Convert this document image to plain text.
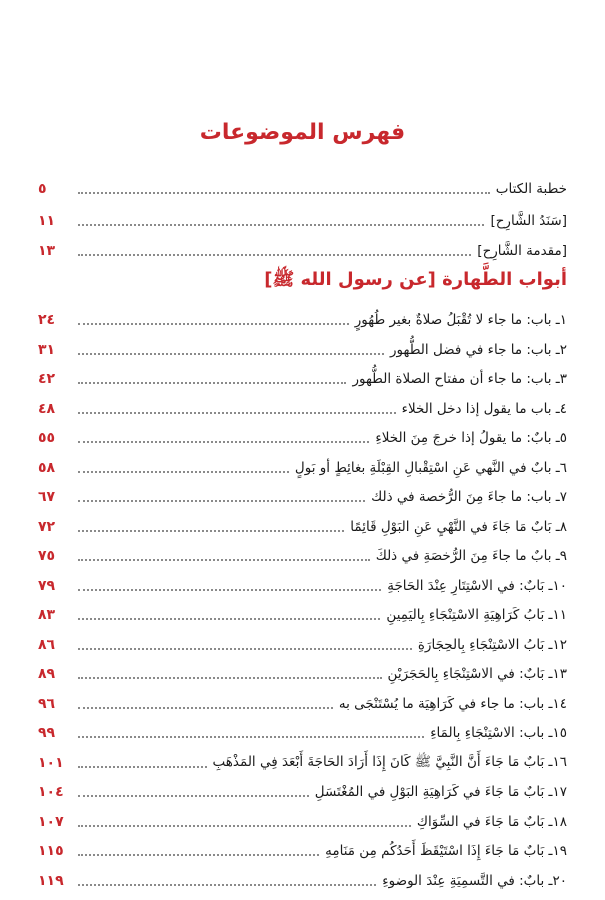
فهرس الموضوعات
أبواب الطَّهارة [عن رسول الله ﷺ]
خطبة الكتاب
٥
[سَنَدُ الشَّارِح]
١١
[مقدمة الشَّارِح]
١٣
١ـ باب: ما جاء لا تُقْبَلُ صلاةٌ بغير طُهُورٍ
٢٤
٢ـ باب: ما جاء في فضل الطُّهور
٣١
٣ـ باب: ما جاء أن مفتاح الصلاة الطُّهور
٤٢
٤ـ باب ما يقول إذا دخل الخلاء
٤٨
٥ـ بابٌ: ما يقولُ إذا خرجَ مِنَ الخلاءِ
٥٥
٦ـ بابٌ في النَّهي عَنِ اسْتِقْبالِ القِبْلَةِ بغائِطٍ أو بَولٍ
٥٨
٧ـ باب: ما جاءَ مِنَ الرُّخصة في ذلك
٦٧
٨ـ بَابٌ مَا جَاءَ في النَّهْيِ عَنِ البَوْلِ قَائِمًا
٧٢
٩ـ بابٌ ما جاءَ مِنَ الرُّخصَةِ في ذلكَ
٧٥
١٠ـ بَابٌ: في الاسْتِتَارِ عِنْدَ الحَاجَةِ
٧٩
١١ـ بَابُ كَرَاهِيَةِ الاسْتِنْجَاءِ بِاليَمِينِ
٨٣
١٢ـ بَابُ الاسْتِنْجَاءِ بِالحِجَارَةِ
٨٦
١٣ـ بَابٌ: في الاسْتِنْجَاءِ بِالحَجَرَيْنِ
٨٩
١٤ـ باب: ما جاء في كَرَاهِيَة ما يُسْتَنْجَى به
٩٦
١٥ـ باب: الاسْتِنْجَاءِ بِالمَاءِ
٩٩
١٦ـ بَابٌ مَا جَاءَ أَنَّ النَّبِيَّ ﷺ كَانَ إِذَا أَرَادَ الحَاجَةَ أَبْعَدَ فِي المَذْهَبِ
١٠١
١٧ـ بَابٌ مَا جَاءَ في كَرَاهِيَةِ البَوْلِ في المُغْتَسَلِ
١٠٤
١٨ـ بَابٌ مَا جَاءَ في السِّوَاكِ
١٠٧
١٩ـ بَابٌ مَا جَاءَ إِذَا اسْتَيْقَظَ أَحَدُكُم مِن مَنَامِهِ
١١٥
٢٠ـ بابٌ: في التَّسمِيَةِ عِنْدَ الوضوءِ
١١٩
